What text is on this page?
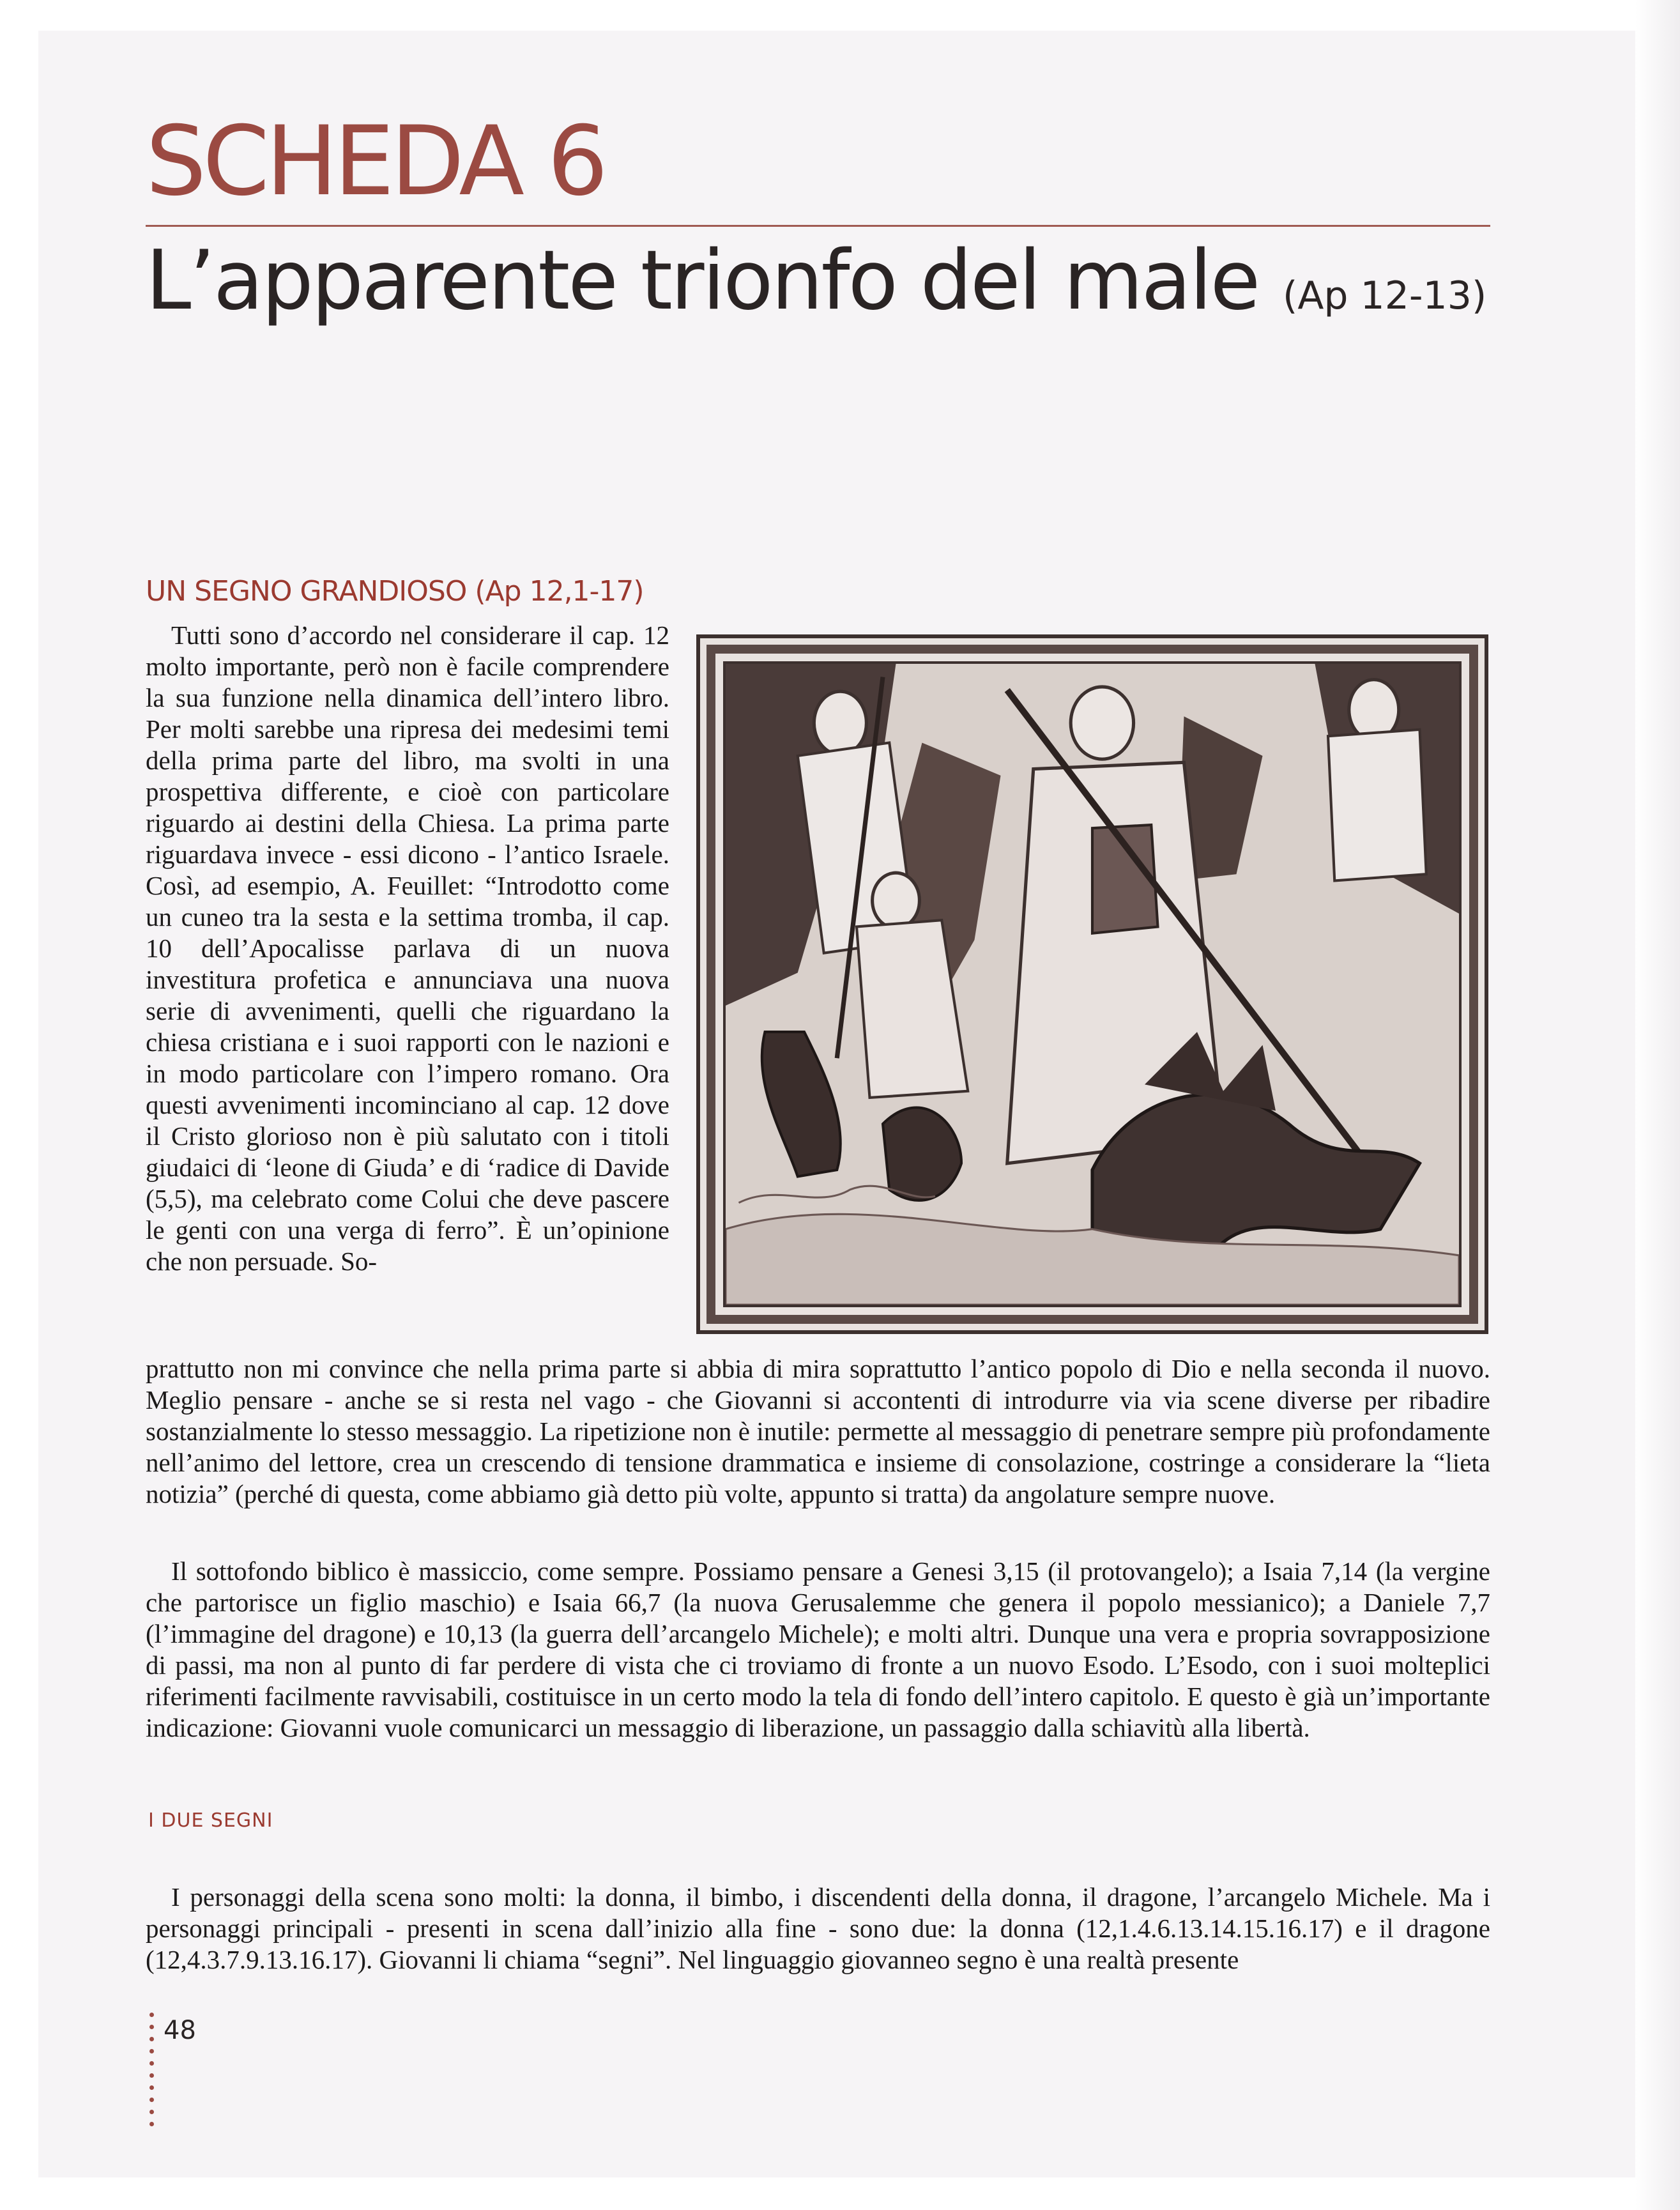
SCHEDA 6
L’apparente trionfo del male (Ap 12-13)
UN SEGNO GRANDIOSO (Ap 12,1-17)
Tutti sono d’accordo nel considerare il cap. 12 molto importante, però non è facile comprendere la sua funzione nella dinamica dell’intero libro. Per molti sarebbe una ripresa dei medesimi temi della prima parte del libro, ma svolti in una prospettiva differente, e cioè con particolare riguardo ai destini della Chiesa. La prima parte riguardava invece - essi dicono - l’antico Israele. Così, ad esempio, A. Feuillet: “Introdotto come un cuneo tra la sesta e la settima tromba, il cap. 10 dell’Apocalisse parlava di un nuova investitura profetica e annunciava una nuova serie di avvenimenti, quelli che riguardano la chiesa cristiana e i suoi rapporti con le nazioni e in modo particolare con l’impero romano. Ora questi avvenimenti incominciano al cap. 12 dove il Cristo glorioso non è più salutato con i titoli giudaici di ‘leone di Giuda’ e di ‘radice di Davide (5,5), ma celebrato come Colui che deve pascere le genti con una verga di ferro”. È un’opinione che non persuade. So-
prattutto non mi convince che nella prima parte si abbia di mira soprattutto l’antico popolo di Dio e nella seconda il nuovo. Meglio pensare - anche se si resta nel vago - che Giovanni si accontenti di introdurre via via scene diverse per ribadire sostanzialmente lo stesso messaggio. La ripetizione non è inutile: permette al messaggio di penetrare sempre più profondamente nell’animo del lettore, crea un crescendo di tensione drammatica e insieme di consolazione, costringe a considerare la “lieta notizia” (perché di questa, come abbiamo già detto più volte, appunto si tratta) da angolature sempre nuove.
Il sottofondo biblico è massiccio, come sempre. Possiamo pensare a Genesi 3,15 (il protovangelo); a Isaia 7,14 (la vergine che partorisce un figlio maschio) e Isaia 66,7 (la nuova Gerusalemme che genera il popolo messianico); a Daniele 7,7 (l’immagine del dragone) e 10,13 (la guerra dell’arcangelo Michele); e molti altri. Dunque una vera e propria sovrapposizione di passi, ma non al punto di far perdere di vista che ci troviamo di fronte a un nuovo Esodo. L’Esodo, con i suoi molteplici riferimenti facilmente ravvisabili, costituisce in un certo modo la tela di fondo dell’intero capitolo. E questo è già un’importante indicazione: Giovanni vuole comunicarci un messaggio di liberazione, un passaggio dalla schiavitù alla libertà.
I DUE SEGNI
I personaggi della scena sono molti: la donna, il bimbo, i discendenti della donna, il dragone, l’arcangelo Michele. Ma i personaggi principali - presenti in scena dall’inizio alla fine - sono due: la donna (12,1.4.6.13.14.15.16.17) e il dragone (12,4.3.7.9.13.16.17). Giovanni li chiama “segni”. Nel linguaggio giovanneo segno è una realtà presente
48
